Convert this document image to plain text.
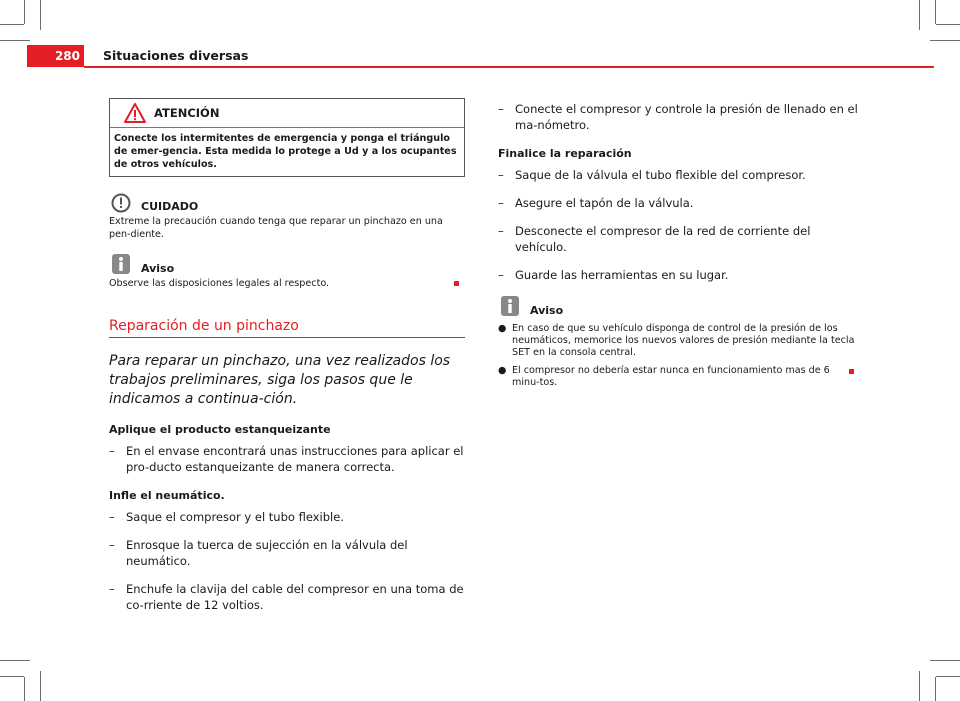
280	Situaciones diversas
ATENCIÓN
Conecte los intermitentes de emergencia y ponga el triángulo de emer-gencia. Esta medida lo protege a Ud y a los ocupantes de otros vehículos.
CUIDADO
Extreme la precaución cuando tenga que reparar un pinchazo en una pen-diente.
Aviso
Observe las disposiciones legales al respecto.
Reparación de un pinchazo
Para reparar un pinchazo, una vez realizados los trabajos preliminares, siga los pasos que le indicamos a continua-ción.
Aplique el producto estanqueizante
– En el envase encontrará unas instrucciones para aplicar el pro-ducto estanqueizante de manera correcta.
Infle el neumático.
– Saque el compresor y el tubo flexible.
– Enrosque la tuerca de sujección en la válvula del neumático.
– Enchufe la clavija del cable del compresor en una toma de co-rriente de 12 voltios.
– Conecte el compresor y controle la presión de llenado en el ma-nómetro.
Finalice la reparación
– Saque de la válvula el tubo flexible del compresor.
– Asegure el tapón de la válvula.
– Desconecte el compresor de la red de corriente del vehículo.
– Guarde las herramientas en su lugar.
Aviso
● En caso de que su vehículo disponga de control de la presión de los neumáticos, memorice los nuevos valores de presión mediante la tecla SET en la consola central.
● El compresor no debería estar nunca en funcionamiento mas de 6 minu-tos.
